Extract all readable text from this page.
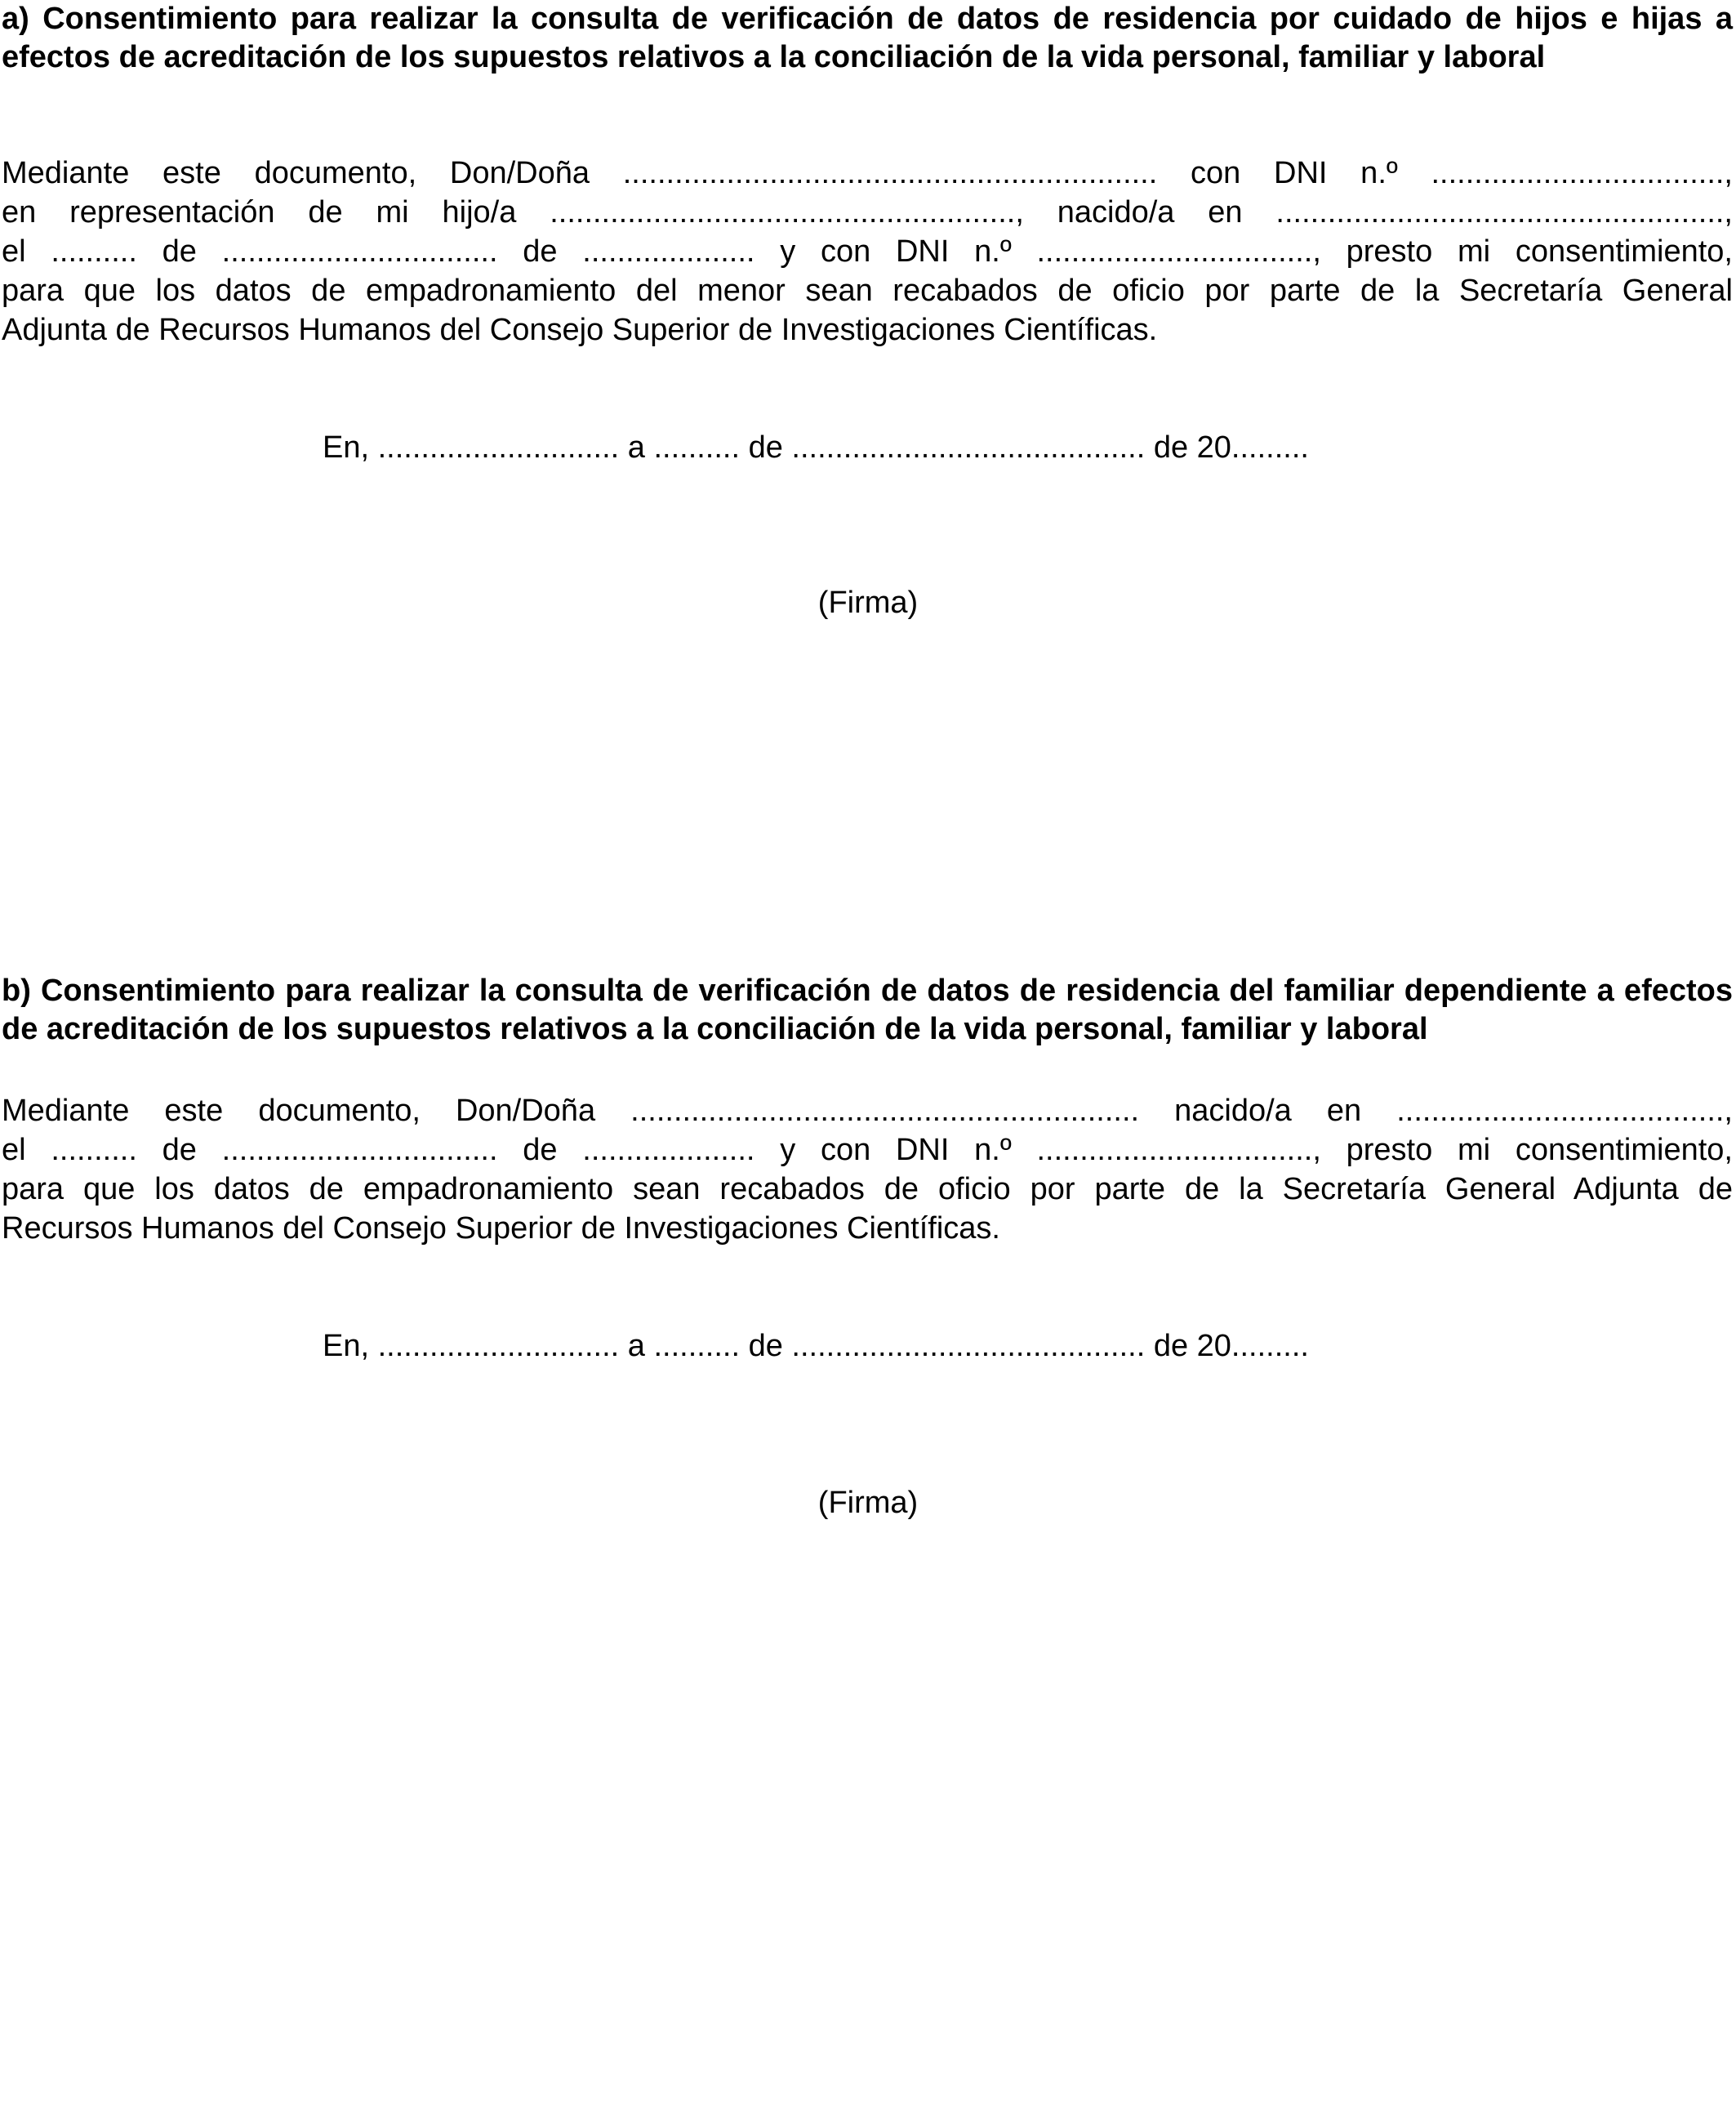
a) Consentimiento para realizar la consulta de verificación de datos de residencia por cuidado de hijos e hijas a efectos de acreditación de los supuestos relativos a la conciliación de la vida personal, familiar y laboral

Mediante este documento, Don/Doña .............................................................. con DNI n.º ..................................,

en representación de mi hijo/a ......................................................, nacido/a en ....................................................,

el .......... de ................................ de .................... y con DNI n.º ................................, presto mi consentimiento,

para que los datos de empadronamiento del menor sean recabados de oficio por parte de la Secretaría General

Adjunta de Recursos Humanos del Consejo Superior de Investigaciones Científicas.

En, ............................ a .......... de ......................................... de 20.........

(Firma)

b) Consentimiento para realizar la consulta de verificación de datos de residencia del familiar dependiente a efectos de acreditación de los supuestos relativos a la conciliación de la vida personal, familiar y laboral

Mediante este documento, Don/Doña ........................................................... nacido/a en ......................................,

el .......... de ................................ de .................... y con DNI n.º ................................, presto mi consentimiento,

para que los datos de empadronamiento sean recabados de oficio por parte de la Secretaría General Adjunta de

Recursos Humanos del Consejo Superior de Investigaciones Científicas.

En, ............................ a .......... de ......................................... de 20.........

(Firma)
